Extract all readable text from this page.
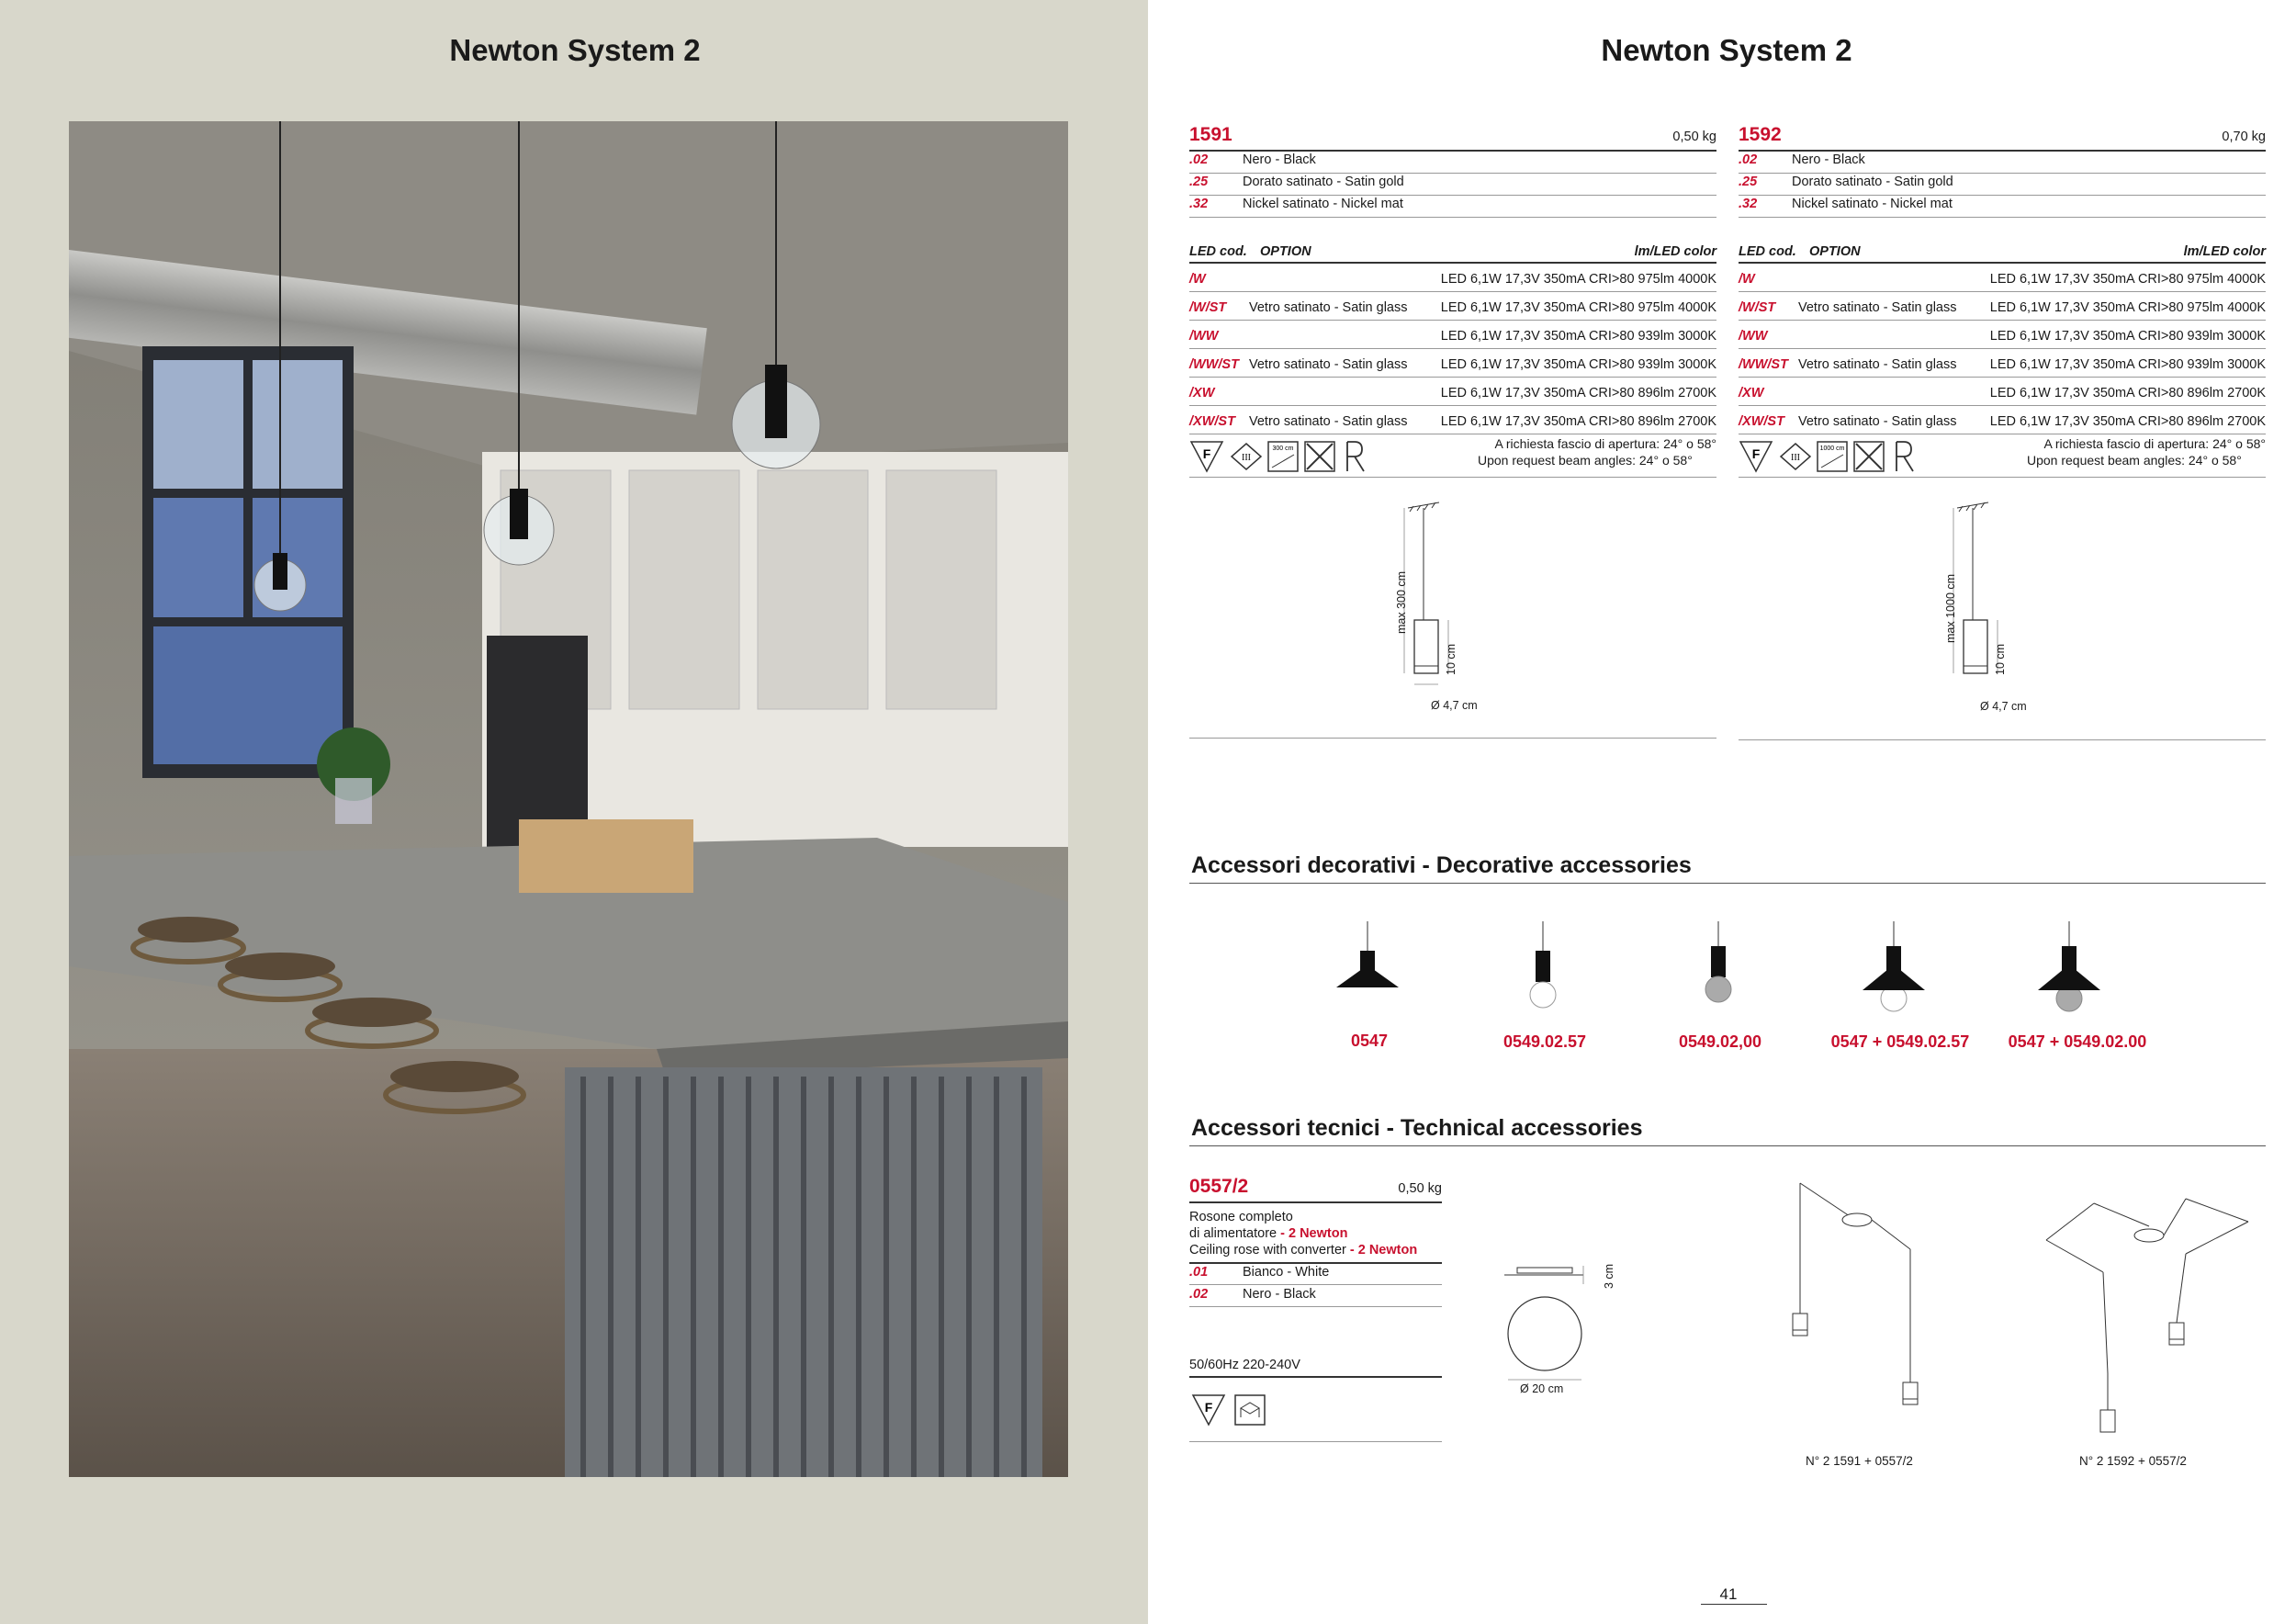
Newton System 2	Newton System 2
1591	0,50 kg
.02	Nero - Black
.25	Dorato satinato - Satin gold
.32	Nickel satinato - Nickel mat
LED cod. OPTION	lm/LED color
/W	LED 6,1W 17,3V 350mA CRI>80 975lm 4000K
/W/ST Vetro satinato - Satin glass	LED 6,1W 17,3V 350mA CRI>80 975lm 4000K
/WW	LED 6,1W 17,3V 350mA CRI>80 939lm 3000K
/WW/ST Vetro satinato - Satin glass	LED 6,1W 17,3V 350mA CRI>80 939lm 3000K
/XW	LED 6,1W 17,3V 350mA CRI>80 896lm 2700K
/XW/ST Vetro satinato - Satin glass	LED 6,1W 17,3V 350mA CRI>80 896lm 2700K
F	III
300 cm	A richiesta fascio di apertura: 24° o 58°
Upon request beam angles: 24° o 58°
max 300 cm
10 cm
Ø 4,7 cm
1592	0,70 kg
.02	Nero - Black
.25	Dorato satinato - Satin gold
.32	Nickel satinato - Nickel mat
LED cod. OPTION	lm/LED color
/W	LED 6,1W 17,3V 350mA CRI>80 975lm 4000K
/W/ST Vetro satinato - Satin glass	LED 6,1W 17,3V 350mA CRI>80 975lm 4000K
/WW	LED 6,1W 17,3V 350mA CRI>80 939lm 3000K
/WW/ST Vetro satinato - Satin glass	LED 6,1W 17,3V 350mA CRI>80 939lm 3000K
/XW	LED 6,1W 17,3V 350mA CRI>80 896lm 2700K
/XW/ST Vetro satinato - Satin glass	LED 6,1W 17,3V 350mA CRI>80 896lm 2700K
F	III
1000 cm	A richiesta fascio di apertura: 24° o 58°
Upon request beam angles: 24° o 58°
max 1000 cm
10 cm
Ø 4,7 cm
Accessori decorativi - Decorative accessories
0547	0549.02.57	0549.02,00	0547 + 0549.02.57	0547 + 0549.02.00
Accessori tecnici - Technical accessories
0557/2	0,50 kg
Rosone completo
di alimentatore - 2 Newton
Ceiling rose with converter - 2 Newton
.01	Bianco - White
.02	Nero - Black
50/60Hz 220-240V
F
3 cm
Ø 20 cm
N° 2 1591 + 0557/2	N° 2 1592 + 0557/2
41
